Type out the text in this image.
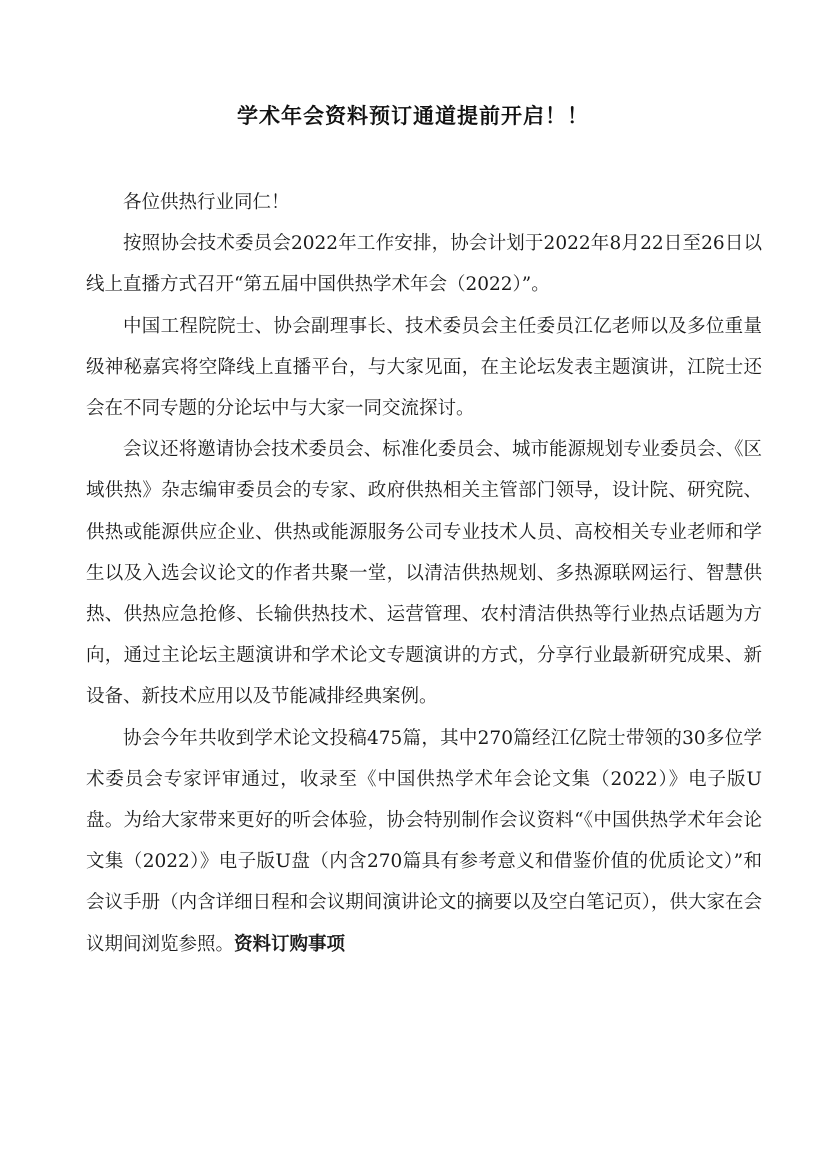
学术年会资料预订通道提前开启！！

各位供热行业同仁！

按照协会技术委员会2022年工作安排，协会计划于2022年8月22日至26日以线上直播方式召开“第五届中国供热学术年会（2022）”。

中国工程院院士、协会副理事长、技术委员会主任委员江亿老师以及多位重量级神秘嘉宾将空降线上直播平台，与大家见面，在主论坛发表主题演讲，江院士还会在不同专题的分论坛中与大家一同交流探讨。

会议还将邀请协会技术委员会、标准化委员会、城市能源规划专业委员会、《区域供热》杂志编审委员会的专家、政府供热相关主管部门领导，设计院、研究院、供热或能源供应企业、供热或能源服务公司专业技术人员、高校相关专业老师和学生以及入选会议论文的作者共聚一堂，以清洁供热规划、多热源联网运行、智慧供热、供热应急抢修、长输供热技术、运营管理、农村清洁供热等行业热点话题为方向，通过主论坛主题演讲和学术论文专题演讲的方式，分享行业最新研究成果、新设备、新技术应用以及节能减排经典案例。

协会今年共收到学术论文投稿475篇，其中270篇经江亿院士带领的30多位学术委员会专家评审通过，收录至《中国供热学术年会论文集（2022）》电子版U盘。为给大家带来更好的听会体验，协会特别制作会议资料“《中国供热学术年会论文集（2022）》电子版U盘（内含270篇具有参考意义和借鉴价值的优质论文）”和会议手册（内含详细日程和会议期间演讲论文的摘要以及空白笔记页），供大家在会议期间浏览参照。资料订购事项
